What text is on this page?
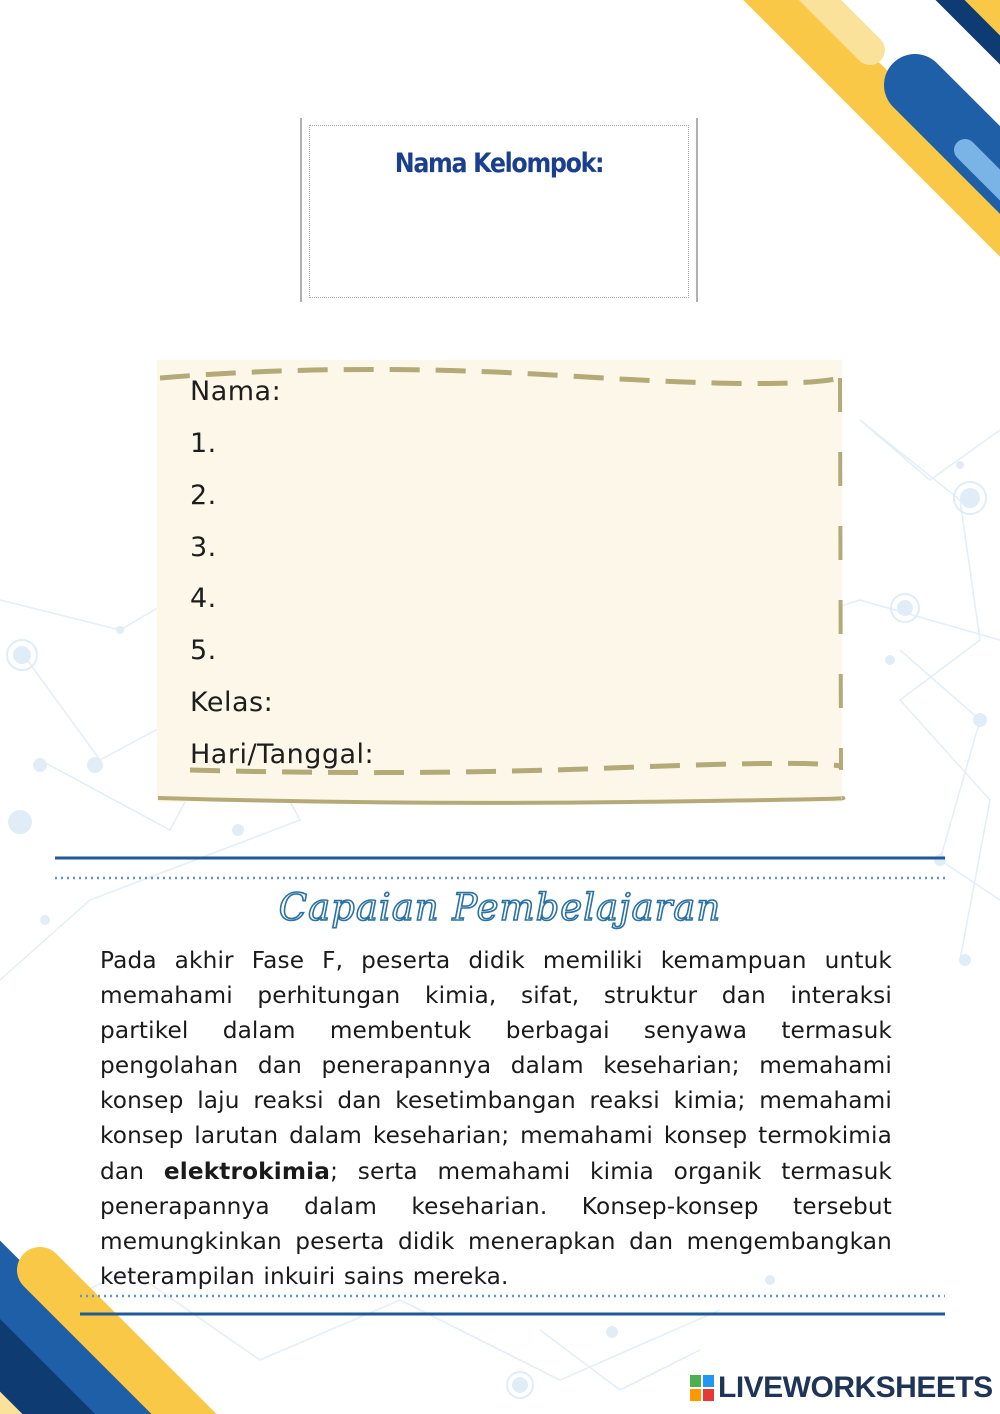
Nama Kelompok:
Nama:
1.
2.
3.
4.
5.
Kelas:
Hari/Tanggal:
Capaian Pembelajaran
Pada akhir Fase F, peserta didik memiliki kemampuan untuk memahami perhitungan kimia, sifat, struktur dan interaksi partikel dalam membentuk berbagai senyawa termasuk pengolahan dan penerapannya dalam keseharian; memahami konsep laju reaksi dan kesetimbangan reaksi kimia; memahami konsep larutan dalam keseharian; memahami konsep termokimia dan elektrokimia; serta memahami kimia organik termasuk penerapannya dalam keseharian. Konsep-konsep tersebut memungkinkan peserta didik menerapkan dan mengembangkan keterampilan inkuiri sains mereka.
LIVEWORKSHEETS
